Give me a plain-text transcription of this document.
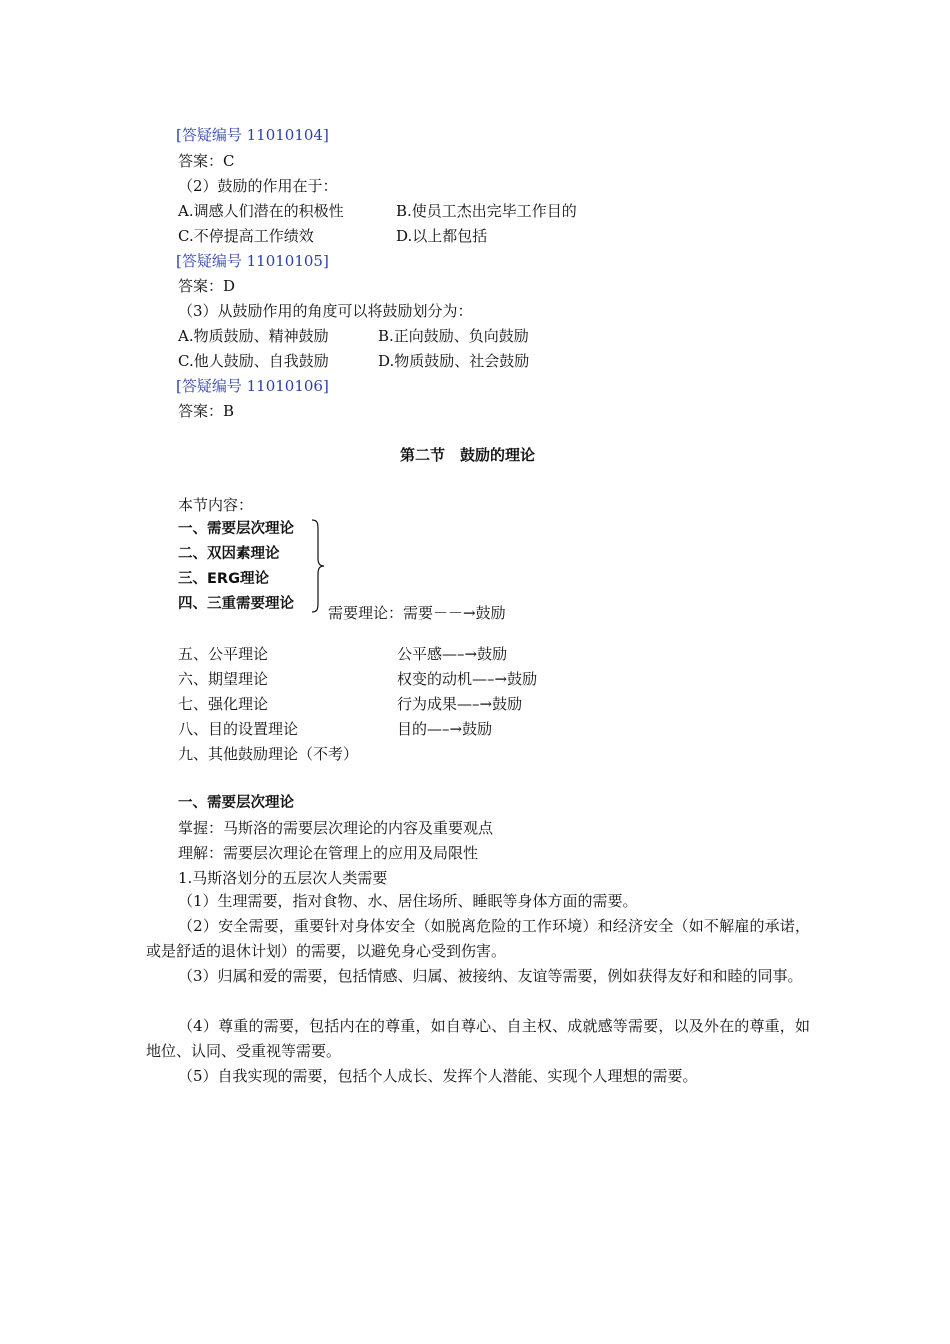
[答疑编号 11010104]
答案：C
（2）鼓励的作用在于：
A.调感人们潜在的积极性	B.使员工杰出完毕工作目的
C.不停提高工作绩效	D.以上都包括
[答疑编号 11010105]
答案：D
（3）从鼓励作用的角度可以将鼓励划分为：
A.物质鼓励、精神鼓励	B.正向鼓励、负向鼓励
C.他人鼓励、自我鼓励	D.物质鼓励、社会鼓励
[答疑编号 11010106]
答案：B
第二节　鼓励的理论
本节内容：
一、需要层次理论
二、双因素理论
三、ERG理论
四、三重需要理论 需要理论：需要－－→鼓励
五、公平理论	公平感—–→鼓励
六、期望理论	权变的动机—–→鼓励
七、强化理论	行为成果—–→鼓励
八、目的设置理论	目的—–→鼓励
九、其他鼓励理论（不考）
一、需要层次理论
掌握：马斯洛的需要层次理论的内容及重要观点
理解：需要层次理论在管理上的应用及局限性
1.马斯洛划分的五层次人类需要
（1）生理需要，指对食物、水、居住场所、睡眠等身体方面的需要。
（2）安全需要，重要针对身体安全（如脱离危险的工作环境）和经济安全（如不解雇的承诺，或是舒适的退休计划）的需要，以避免身心受到伤害。
（3）归属和爱的需要，包括情感、归属、被接纳、友谊等需要，例如获得友好和和睦的同事。
（4）尊重的需要，包括内在的尊重，如自尊心、自主权、成就感等需要，以及外在的尊重，如地位、认同、受重视等需要。
（5）自我实现的需要，包括个人成长、发挥个人潜能、实现个人理想的需要。
